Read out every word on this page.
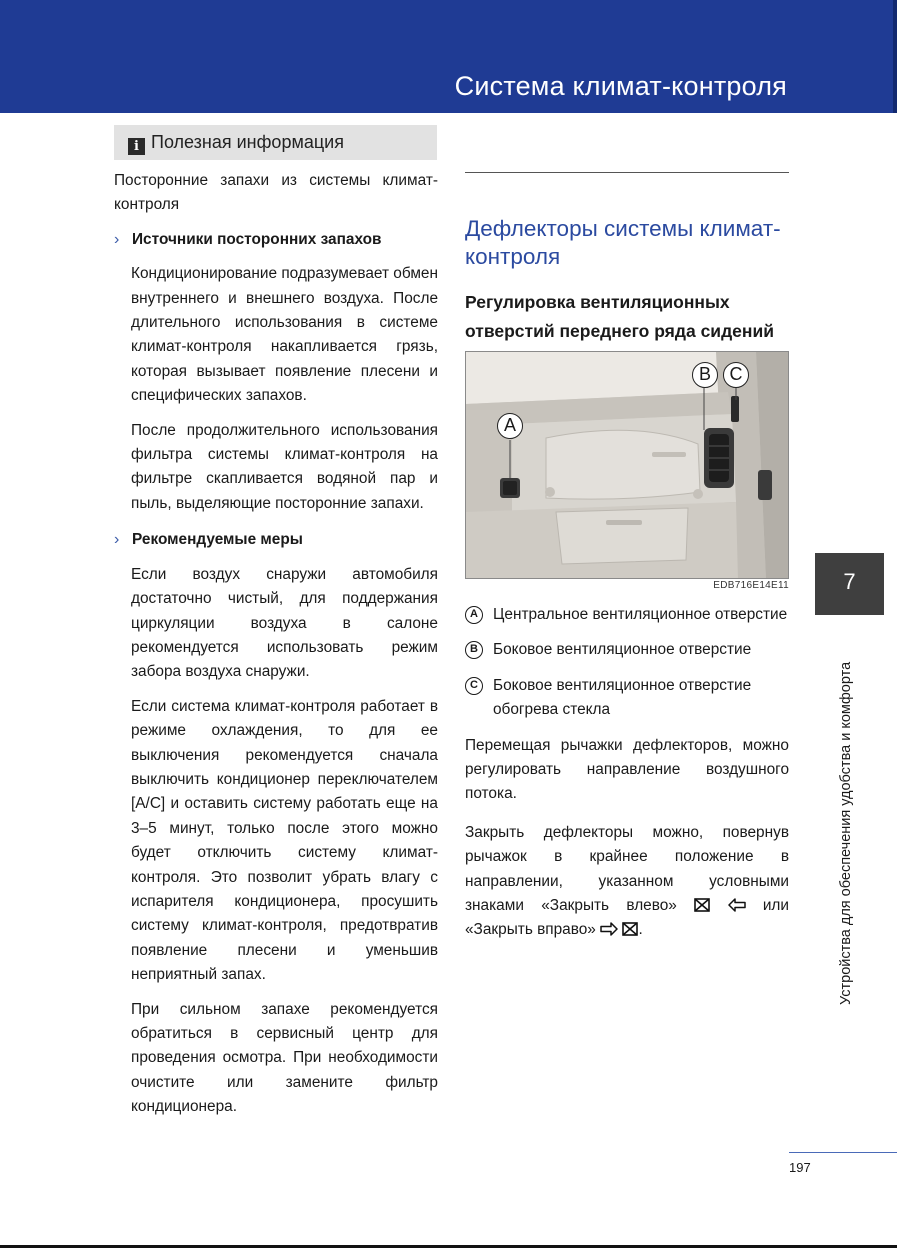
Система климат-контроля
7
Устройства для обеспечения удобства и комфорта
i Полезная информация

Посторонние запахи из системы климат-контроля

› Источники посторонних запахов

Кондиционирование подразумевает обмен внутреннего и внешнего воздуха. После длительного использования в системе климат-контроля накапливается грязь, которая вызывает появление плесени и специфических запахов.

После продолжительного использования фильтра системы климат-контроля на фильтре скапливается водяной пар и пыль, выделяющие посторонние запахи.

› Рекомендуемые меры

Если воздух снаружи автомобиля достаточно чистый, для поддержания циркуляции воздуха в салоне рекомендуется использовать режим забора воздуха снаружи.

Если система климат-контроля работает в режиме охлаждения, то для ее выключения рекомендуется сначала выключить кондиционер переключателем [A/C] и оставить систему работать еще на 3–5 минут, только после этого можно будет отключить систему климат-контроля. Это позволит убрать влагу с испарителя кондиционера, просушить систему климат-контроля, предотвратив появление плесени и уменьшив неприятный запах.

При сильном запахе рекомендуется обратиться в сервисный центр для проведения осмотра. При необходимости очистите или замените фильтр кондиционера.

Дефлекторы системы климат-контроля
Регулировка вентиляционных отверстий переднего ряда сидений
A
B	C
EDB716E14E11
A Центральное вентиляционное отверстие
B Боковое вентиляционное отверстие
C Боковое вентиляционное отверстие обогрева стекла

Перемещая рычажки дефлекторов, можно регулировать направление воздушного потока.

Закрыть дефлекторы можно, повернув рычажок в крайнее положение в направлении, указанном условными знаками «Закрыть влево»	или «Закрыть вправо»	.

197
